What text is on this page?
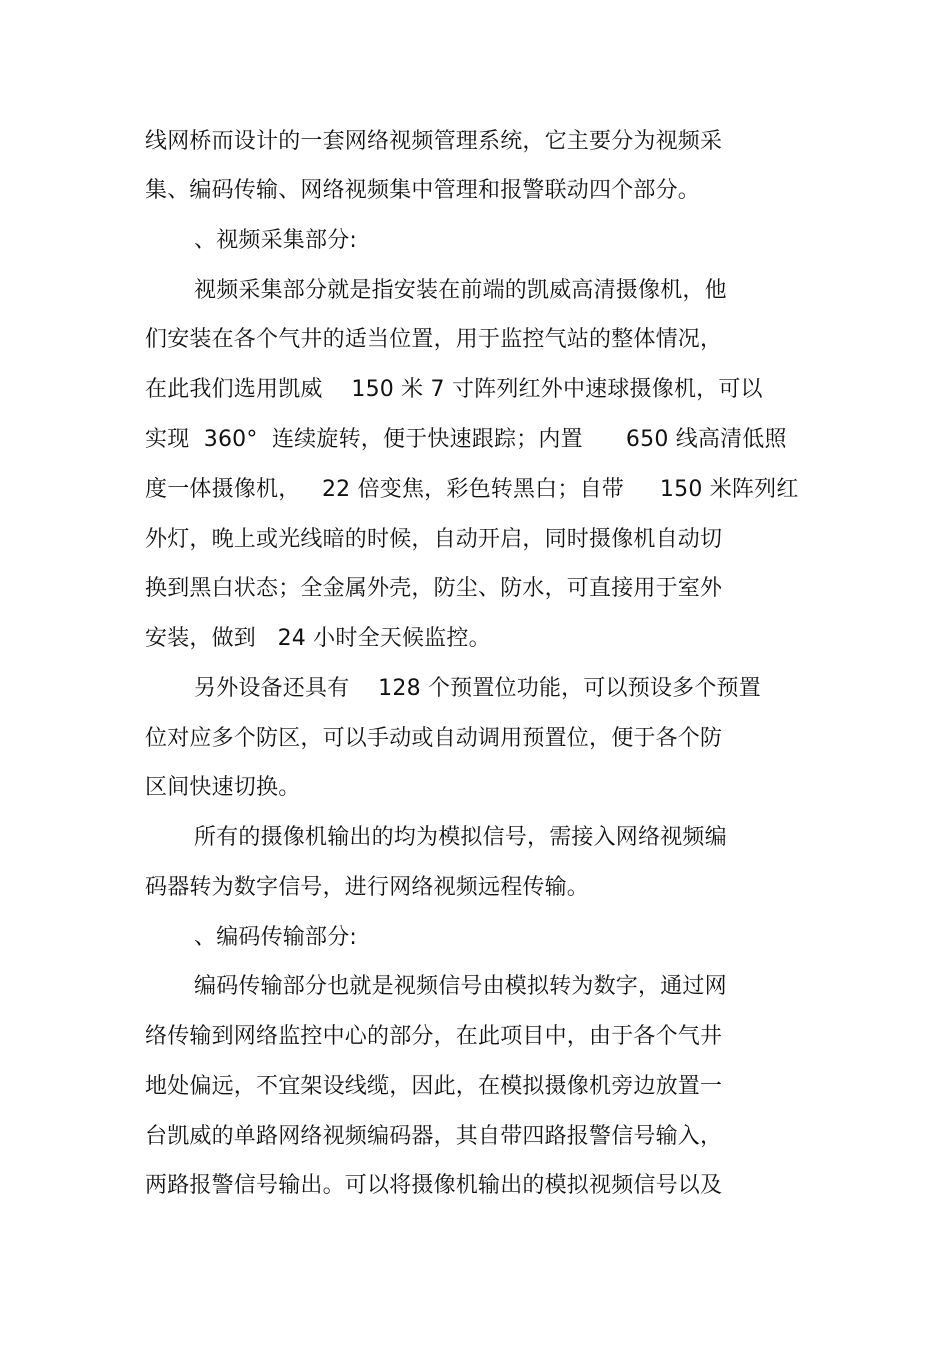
线网桥而设计的一套网络视频管理系统，它主要分为视频采
集、编码传输、网络视频集中管理和报警联动四个部分。
、视频采集部分:
视频采集部分就是指安装在前端的凯威高清摄像机，他
们安装在各个气井的适当位置，用于监控气站的整体情况，
在此我们选用凯威    150 米 7 寸阵列红外中速球摄像机，可以
实现  360°  连续旋转，便于快速跟踪；内置      650 线高清低照
度一体摄像机，   22 倍变焦，彩色转黑白；自带     150 米阵列红
外灯，晚上或光线暗的时候，自动开启，同时摄像机自动切
换到黑白状态；全金属外壳，防尘、防水，可直接用于室外
安装，做到   24 小时全天候监控。
另外设备还具有    128 个预置位功能，可以预设多个预置
位对应多个防区，可以手动或自动调用预置位，便于各个防
区间快速切换。
所有的摄像机输出的均为模拟信号，需接入网络视频编
码器转为数字信号，进行网络视频远程传输。
、编码传输部分:
编码传输部分也就是视频信号由模拟转为数字，通过网
络传输到网络监控中心的部分，在此项目中，由于各个气井
地处偏远，不宜架设线缆，因此，在模拟摄像机旁边放置一
台凯威的单路网络视频编码器，其自带四路报警信号输入，
两路报警信号输出。可以将摄像机输出的模拟视频信号以及
